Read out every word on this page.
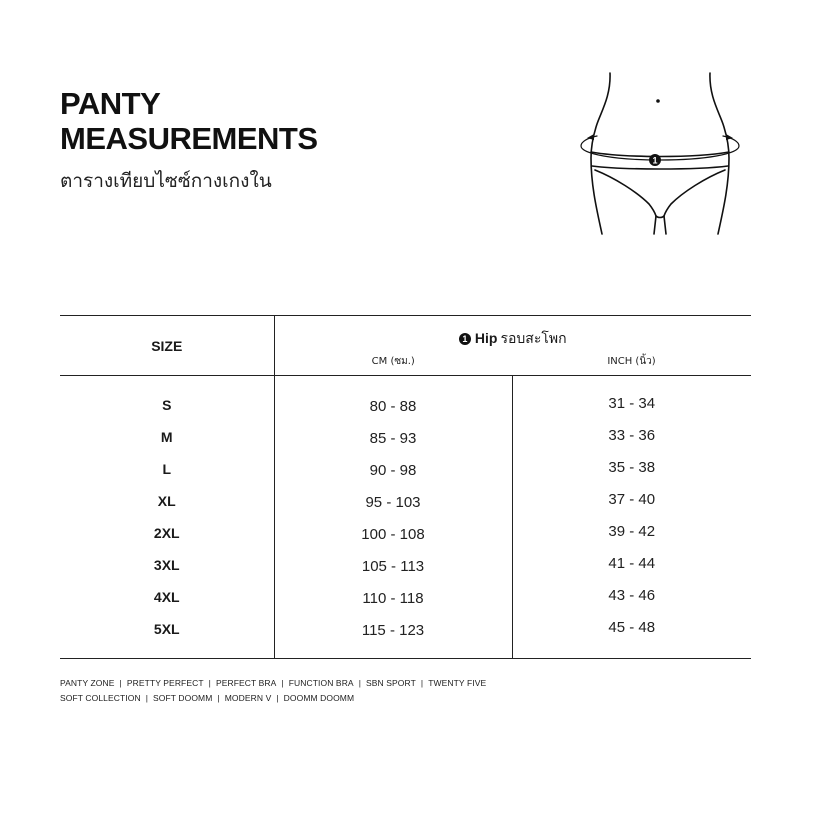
PANTY
MEASUREMENTS
ตารางเทียบไซซ์กางเกงใน
1
SIZE	1 Hip รอบสะโพก	
	CM (ซม.)	INCH (นิ้ว)

S	80 - 88	31 - 34
M	85 - 93	33 - 36
L	90 - 98	35 - 38
XL	95 - 103	37 - 40
2XL	100 - 108	39 - 42
3XL	105 - 113	41 - 44
4XL	110 - 118	43 - 46
5XL	115 - 123	45 - 48

PANTY ZONE | PRETTY PERFECT | PERFECT BRA | FUNCTION BRA | SBN SPORT | TWENTY FIVE
SOFT COLLECTION | SOFT DOOMM | MODERN V | DOOMM DOOMM
